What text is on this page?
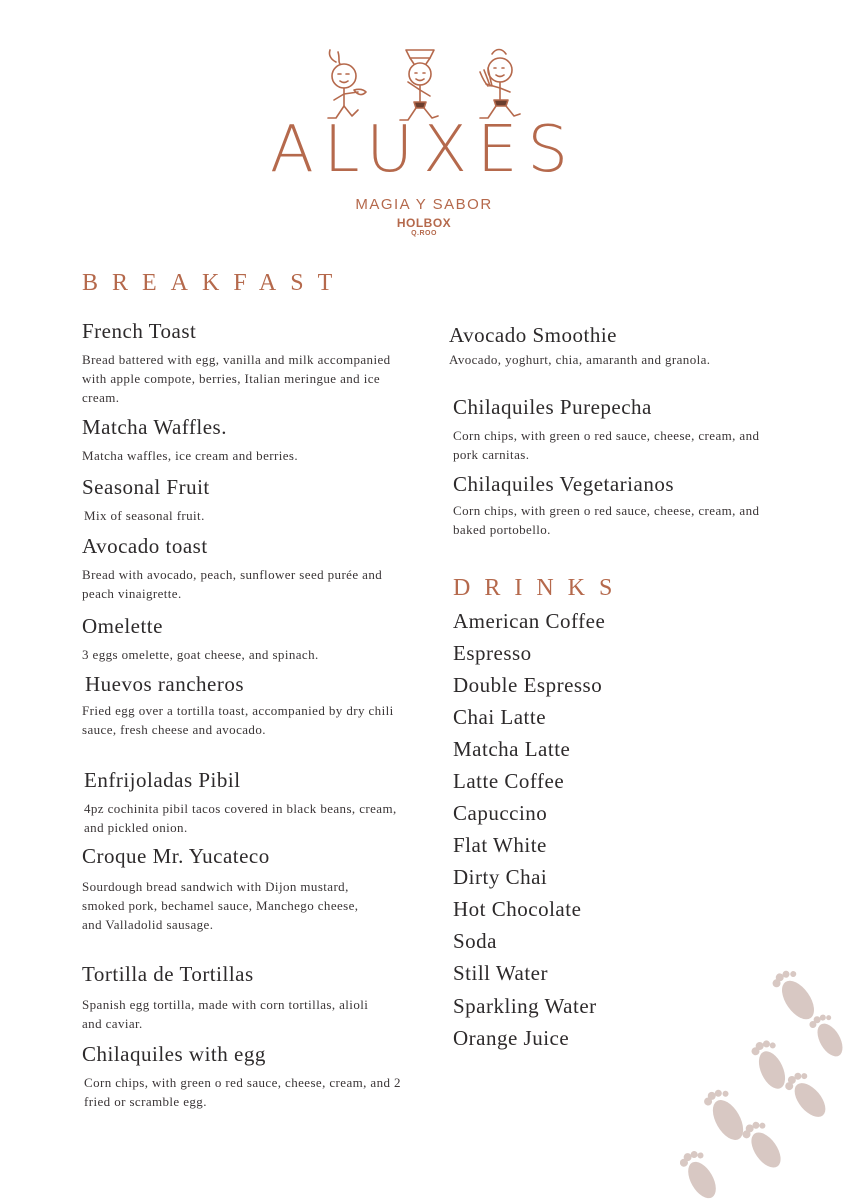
ALUXES
MAGIA Y SABOR
HOLBOX
Q.ROO
BREAKFAST
French Toast
Bread battered with egg, vanilla and milk accompanied with apple compote, berries, Italian meringue and ice cream.
Matcha Waffles.
Matcha waffles, ice cream and berries.
Seasonal Fruit
Mix of seasonal fruit.
Avocado toast
Bread with avocado, peach, sunflower seed purée and peach vinaigrette.
Omelette
3 eggs omelette, goat cheese, and spinach.
Huevos rancheros
Fried egg over a tortilla toast, accompanied by dry chili sauce, fresh cheese and avocado.
Enfrijoladas Pibil
4pz cochinita pibil tacos covered in black beans, cream, and pickled onion.
Croque Mr. Yucateco
Sourdough bread sandwich with Dijon mustard, smoked pork, bechamel sauce, Manchego cheese, and Valladolid sausage.
Tortilla de Tortillas
Spanish egg tortilla, made with corn tortillas, alioli and caviar.
Chilaquiles with egg
Corn chips, with green o red sauce, cheese, cream, and 2 fried or scramble egg.
Avocado Smoothie
Avocado, yoghurt, chia, amaranth and granola.
Chilaquiles Purepecha
Corn chips, with green o red sauce, cheese, cream, and pork carnitas.
Chilaquiles Vegetarianos
Corn chips, with green o red sauce, cheese, cream, and baked portobello.
DRINKS
American Coffee
Espresso
Double Espresso
Chai Latte
Matcha Latte
Latte Coffee
Capuccino
Flat White
Dirty Chai
Hot Chocolate
Soda
Still Water
Sparkling Water
Orange Juice
